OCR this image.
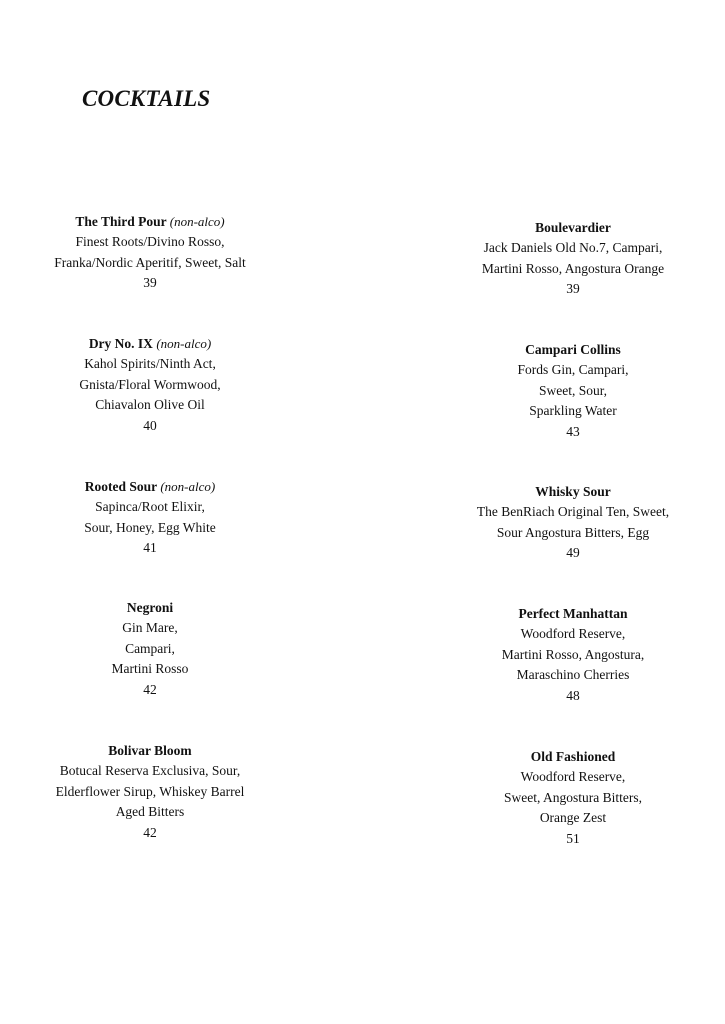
COCKTAILS
The Third Pour (non-alco)
Finest Roots/Divino Rosso,
Franka/Nordic Aperitif, Sweet, Salt
39
Dry No. IX (non-alco)
Kahol Spirits/Ninth Act,
Gnista/Floral Wormwood,
Chiavalon Olive Oil
40
Rooted Sour (non-alco)
Sapinca/Root Elixir,
Sour, Honey, Egg White
41
Negroni
Gin Mare,
Campari,
Martini Rosso
42
Bolivar Bloom
Botucal Reserva Exclusiva, Sour,
Elderflower Sirup, Whiskey Barrel
Aged Bitters
42
Boulevardier
Jack Daniels Old No.7, Campari,
Martini Rosso, Angostura Orange
39
Campari Collins
Fords Gin, Campari,
Sweet, Sour,
Sparkling Water
43
Whisky Sour
The BenRiach Original Ten, Sweet,
Sour Angostura Bitters, Egg
49
Perfect Manhattan
Woodford Reserve,
Martini Rosso, Angostura,
Maraschino Cherries
48
Old Fashioned
Woodford Reserve,
Sweet, Angostura Bitters,
Orange Zest
51
